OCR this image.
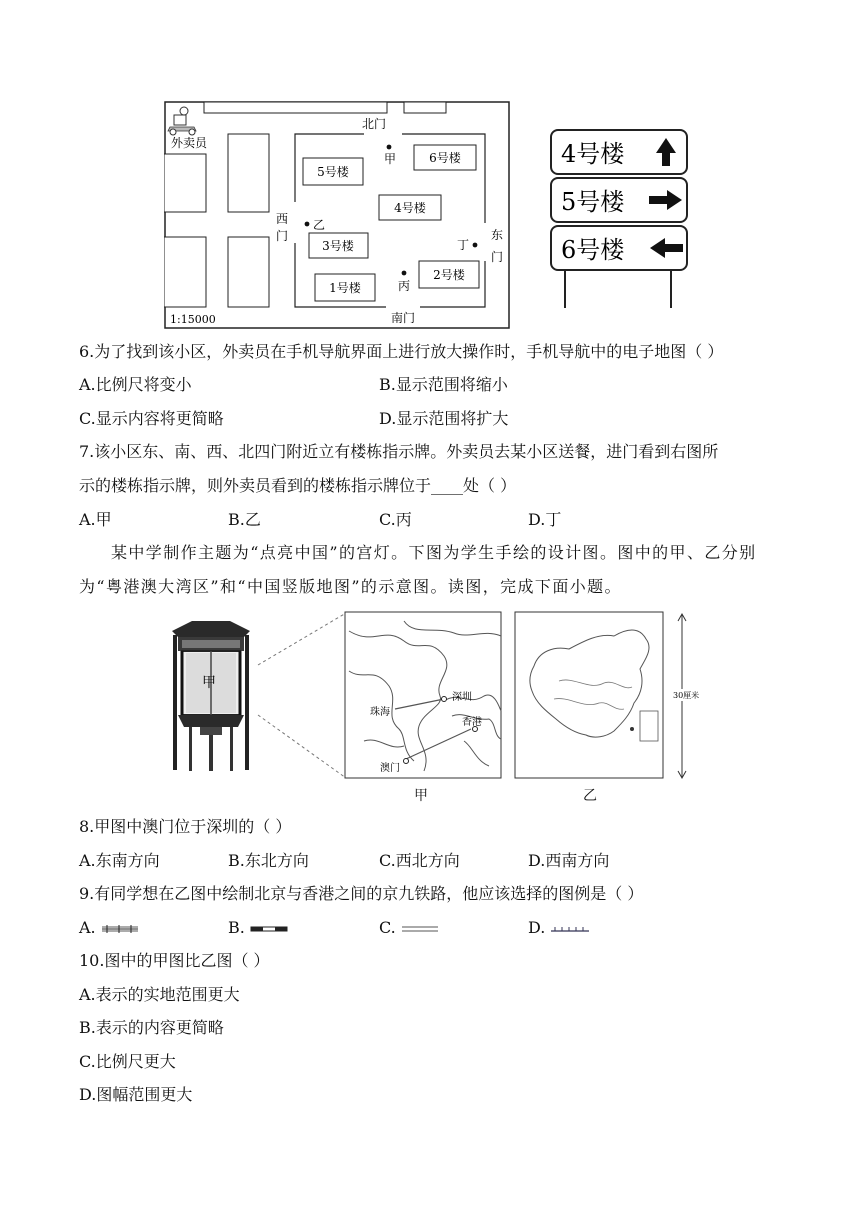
北门
甲	6号楼
5号楼
4号楼
西
门
乙
3号楼	丁
东
门
2号楼
1号楼	丙
南门
外卖员
1:15000
4号楼
5号楼
6号楼
6.为了找到该小区，外卖员在手机导航界面上进行放大操作时，手机导航中的电子地图（ ）
A.比例尺将变小	B.显示范围将缩小
C.显示内容将更简略	D.显示范围将扩大
7.该小区东、南、西、北四门附近立有楼栋指示牌。外卖员去某小区送餐，进门看到右图所
示的楼栋指示牌，则外卖员看到的楼栋指示牌位于____处（ ）
A.甲	B.乙	C.丙	D.丁
某中学制作主题为“点亮中国”的宫灯。下图为学生手绘的设计图。图中的甲、乙分别
为“粤港澳大湾区”和“中国竖版地图”的示意图。读图，完成下面小题。
甲
深圳
珠海
香港
澳门
30厘米
甲	乙
8.甲图中澳门位于深圳的（ ）
A.东南方向	B.东北方向	C.西北方向	D.西南方向
9.有同学想在乙图中绘制北京与香港之间的京九铁路，他应该选择的图例是（ ）
A.	B.	C.	D.
10.图中的甲图比乙图（ ）
A.表示的实地范围更大
B.表示的内容更简略
C.比例尺更大
D.图幅范围更大
